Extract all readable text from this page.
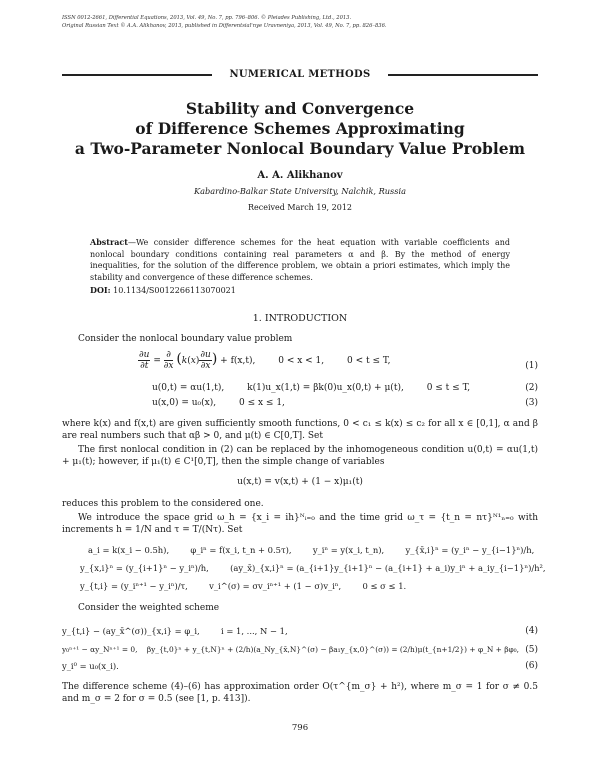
ISSN 0012-2661, Differential Equations, 2013, Vol. 49, No. 7, pp. 796–806. © Pleiades Publishing, Ltd., 2013.
Original Russian Text © A.A. Alikhanov, 2013, published in Differentsial'nye Uravneniya, 2013, Vol. 49, No. 7, pp. 826–836.
NUMERICAL METHODS
Stability and Convergence
of Difference Schemes Approximating
a Two-Parameter Nonlocal Boundary Value Problem
A. A. Alikhanov
Kabardino-Balkar State University, Nalchik, Russia
Received March 19, 2012
Abstract—We consider difference schemes for the heat equation with variable coefficients and nonlocal boundary conditions containing real parameters α and β. By the method of energy inequalities, for the solution of the difference problem, we obtain a priori estimates, which imply the stability and convergence of these difference schemes.
DOI: 10.1134/S0012266113070021
1. INTRODUCTION
Consider the nonlocal boundary value problem
$\frac{\partial u}{\partial t} = \frac{\partial}{\partial x} (k(x) \frac{\partial u}{\partial x}$ ) + f(x,t),        0 < x < 1,        0 < t ≤ T,	(1)
u(0,t) = αu(1,t),        k(1)u_x(1,t) = βk(0)u_x(0,t) + μ(t),        0 ≤ t ≤ T,	(2)
u(x,0) = u₀(x),        0 ≤ x ≤ 1,	(3)
where k(x) and f(x,t) are given sufficiently smooth functions, 0 < c₁ ≤ k(x) ≤ c₂ for all x ∈ [0,1], α and β are real numbers such that αβ > 0, and μ(t) ∈ C[0,T]. Set
The first nonlocal condition in (2) can be replaced by the inhomogeneous condition u(0,t) = αu(1,t) + μ₁(t); however, if μ₁(t) ∈ C¹[0,T], then the simple change of variables
u(x,t) = v(x,t) + (1 − x)μ₁(t)
reduces this problem to the considered one.
We introduce the space grid ω_h = {x_i = ih}ᴺᵢ₌₀ and the time grid ω_τ = {t_n = nτ}ᴺ¹ₙ₌₀ with increments h = 1/N and τ = T/(Nτ). Set
a_i = k(x_i − 0.5h),        φ_iⁿ = f(x_i, t_n + 0.5τ),        y_iⁿ = y(x_i, t_n),        y_{x̄,i}ⁿ = (y_iⁿ − y_{i−1}ⁿ)/h,
y_{x,i}ⁿ = (y_{i+1}ⁿ − y_iⁿ)/h,        (ay_x̄)_{x,i}ⁿ = (a_{i+1}y_{i+1}ⁿ − (a_{i+1} + a_i)y_iⁿ + a_iy_{i−1}ⁿ)/h²,
y_{t,i} = (y_iⁿ⁺¹ − y_iⁿ)/τ,        v_i^(σ) = σv_iⁿ⁺¹ + (1 − σ)v_iⁿ,        0 ≤ σ ≤ 1.
Consider the weighted scheme
y_{t,i} − (ay_x̄^(σ))_{x,i} = φ_i,        i = 1, ..., N − 1,	(4)
y₀ⁿ⁺¹ − αy_Nⁿ⁺¹ = 0,    βy_{t,0}ⁿ + y_{t,N}ⁿ + (2/h)(a_Ny_{x̄,N}^(σ) − βa₁y_{x,0}^(σ)) = (2/h)μ(t_{n+1/2}) + φ_N + βφ₀, (5)
y_i⁰ = u₀(x_i).	(6)
The difference scheme (4)–(6) has approximation order O(τ^{m_σ} + h²), where m_σ = 1 for σ ≠ 0.5 and m_σ = 2 for σ = 0.5 (see [1, p. 413]).
796
